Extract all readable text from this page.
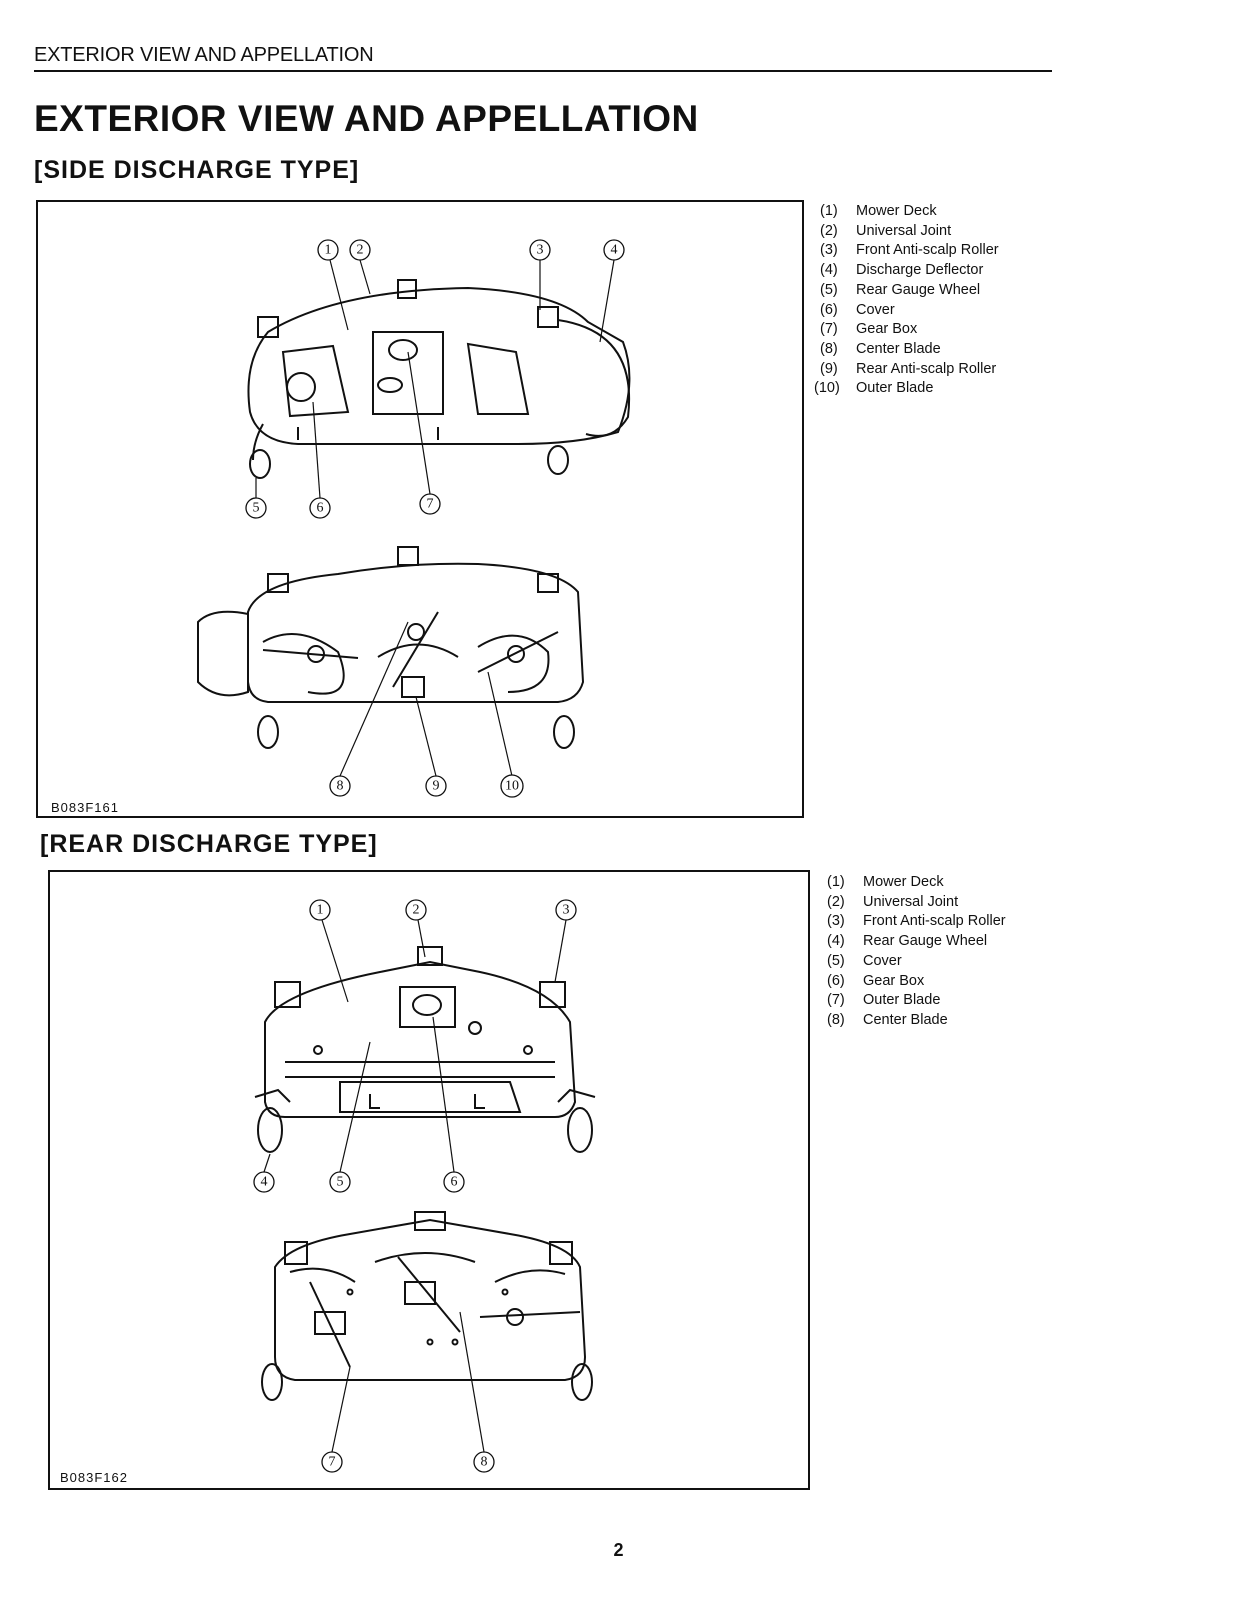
EXTERIOR VIEW AND APPELLATION
EXTERIOR VIEW AND APPELLATION
[SIDE DISCHARGE TYPE]
1 2	3	4
5	6	7
8	9	10
B083F161
(1) Mower Deck
(2) Universal Joint
(3) Front Anti-scalp Roller
(4) Discharge Deflector
(5) Rear Gauge Wheel
(6) Cover
(7) Gear Box
(8) Center Blade
(9) Rear Anti-scalp Roller
(10) Outer Blade
[REAR DISCHARGE TYPE]
1	2	3
4	5	6
7	8
B083F162
(1) Mower Deck
(2) Universal Joint
(3) Front Anti-scalp Roller
(4) Rear Gauge Wheel
(5) Cover
(6) Gear Box
(7) Outer Blade
(8) Center Blade
2
